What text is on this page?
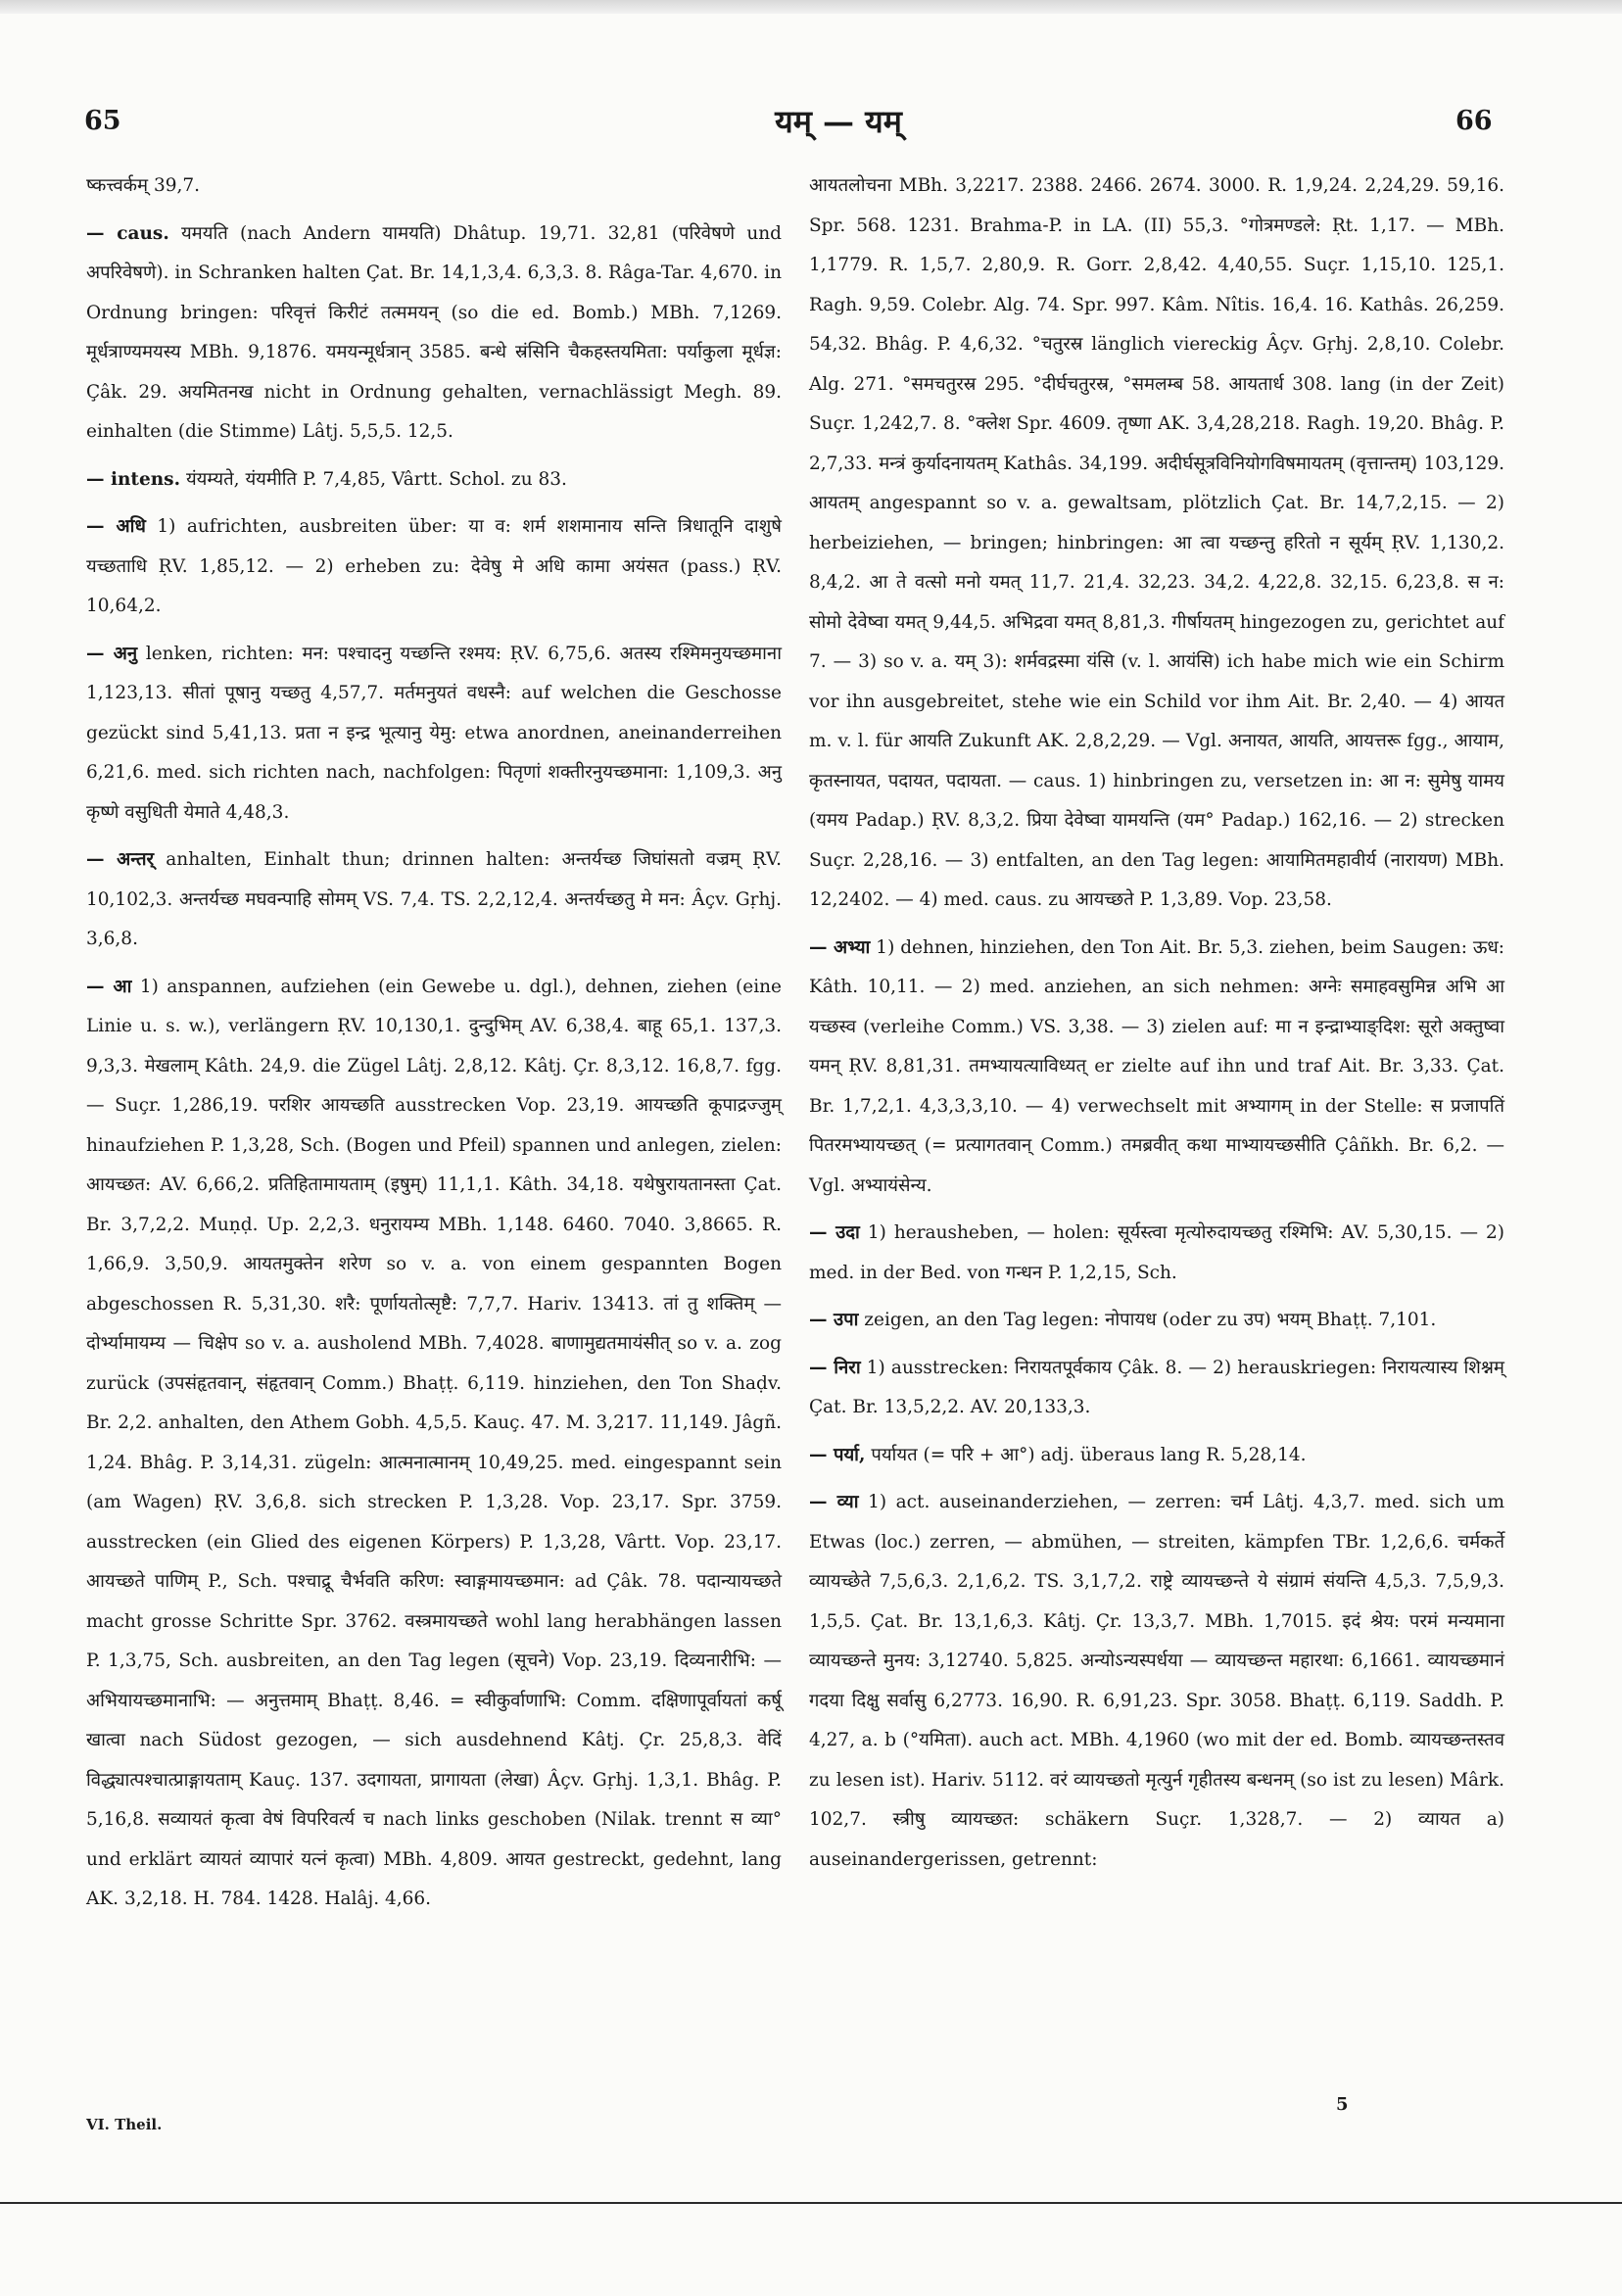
65	यम् — यम्	66

ष्कत्त्वर्कम् 39,7.

— caus. यमयति (nach Andern यामयति) Dhâtup. 19,71. 32,81 (परिवेषणे und अपरिवेषणे). in Schranken halten Çat. Br. 14,1,3,4. 6,3,3. 8. Râga-Tar. 4,670. in Ordnung bringen: परिवृत्तं किरीटं तत्ममयन् (so die ed. Bomb.) MBh. 7,1269. मूर्धत्राण्यमयस्य MBh. 9,1876. यमयन्मूर्धत्रान् 3585. बन्धे स्रंसिनि चैकहस्तयमिता: पर्याकुला मूर्धज्ञ: Çâk. 29. अयमितनख nicht in Ordnung gehalten, vernachlässigt Megh. 89. einhalten (die Stimme) Lâtj. 5,5,5. 12,5.

— intens. यंयम्यते, यंयमीति P. 7,4,85, Vârtt. Schol. zu 83.

— अधि 1) aufrichten, ausbreiten über: या व: शर्म शशमानाय सन्ति त्रिधातूनि दाशुषे यच्छताधि ṚV. 1,85,12. — 2) erheben zu: देवेषु मे अधि कामा अयंसत (pass.) ṚV. 10,64,2.

— अनु lenken, richten: मन: पश्चादनु यच्छन्ति रश्मय: ṚV. 6,75,6. अतस्य रश्मिमनुयच्छमाना 1,123,13. सीतां पूषानु यच्छतु 4,57,7. मर्तमनुयतं वधस्नै: auf welchen die Geschosse gezückt sind 5,41,13. प्रता न इन्द्र भूत्यानु येमु: etwa anordnen, aneinanderreihen 6,21,6. med. sich richten nach, nachfolgen: पितृणां शक्तीरनुयच्छमाना: 1,109,3. अनु कृष्णे वसुधिती येमाते 4,48,3.

— अन्तर् anhalten, Einhalt thun; drinnen halten: अन्तर्यच्छ जिघांसतो वज्रम् ṚV. 10,102,3. अन्तर्यच्छ मघवन्पाहि सोमम् VS. 7,4. TS. 2,2,12,4. अन्तर्यच्छतु मे मन: Âçv. Gṛhj. 3,6,8.

— आ 1) anspannen, aufziehen (ein Gewebe u. dgl.), dehnen, ziehen (eine Linie u. s. w.), verlängern ṚV. 10,130,1. दुन्दुभिम् AV. 6,38,4. बाहू 65,1. 137,3. 9,3,3. मेखलाम् Kâth. 24,9. die Zügel Lâtj. 2,8,12. Kâtj. Çr. 8,3,12. 16,8,7. fgg. — Suçr. 1,286,19. परशिर आयच्छति ausstrecken Vop. 23,19. आयच्छति कूपाद्रज्जुम् hinaufziehen P. 1,3,28, Sch. (Bogen und Pfeil) spannen und anlegen, zielen: आयच्छत: AV. 6,66,2. प्रतिहितामायताम् (इषुम्) 11,1,1. Kâth. 34,18. यथेषुरायतानस्ता Çat. Br. 3,7,2,2. Muṇḍ. Up. 2,2,3. धनुरायम्य MBh. 1,148. 6460. 7040. 3,8665. R. 1,66,9. 3,50,9. आयतमुक्तेन शरेण so v. a. von einem gespannten Bogen abgeschossen R. 5,31,30. शरै: पूर्णायतोत्सृष्टै: 7,7,7. Hariv. 13413. तां तु शक्तिम् — दोर्भ्यामायम्य — चिक्षेप so v. a. ausholend MBh. 7,4028. बाणामुद्यतमायंसीत् so v. a. zog zurück (उपसंहृतवान्, संहृतवान् Comm.) Bhaṭṭ. 6,119. hinziehen, den Ton Shaḍv. Br. 2,2. anhalten, den Athem Gobh. 4,5,5. Kauç. 47. M. 3,217. 11,149. Jâgñ. 1,24. Bhâg. P. 3,14,31. zügeln: आत्मनात्मानम् 10,49,25. med. eingespannt sein (am Wagen) ṚV. 3,6,8. sich strecken P. 1,3,28. Vop. 23,17. Spr. 3759. ausstrecken (ein Glied des eigenen Körpers) P. 1,3,28, Vârtt. Vop. 23,17. आयच्छते पाणिम् P., Sch. पश्चाद्रू चैर्भवति करिण: स्वाङ्गमायच्छमान: ad Çâk. 78. पदान्यायच्छते macht grosse Schritte Spr. 3762. वस्त्रमायच्छते wohl lang herabhängen lassen P. 1,3,75, Sch. ausbreiten, an den Tag legen (सूचने) Vop. 23,19. दिव्यनारीभि: — अभियायच्छमानाभि: — अनुत्तमाम् Bhaṭṭ. 8,46. = स्वीकुर्वाणाभि: Comm. दक्षिणापूर्वायतां कर्षू खात्वा nach Südost gezogen, — sich ausdehnend Kâtj. Çr. 25,8,3. वेदिं विद्ध्यात्पश्चात्प्राङ्गायताम् Kauç. 137. उदगायता, प्रागायता (लेखा) Âçv. Gṛhj. 1,3,1. Bhâg. P. 5,16,8. सव्यायतं कृत्वा वेषं विपरिवर्त्य च nach links geschoben (Nilak. trennt स व्या° und erklärt व्यायतं व्यापारं यत्नं कृत्वा) MBh. 4,809. आयत gestreckt, gedehnt, lang AK. 3,2,18. H. 784. 1428. Halâj. 4,66.

आयतलोचना MBh. 3,2217. 2388. 2466. 2674. 3000. R. 1,9,24. 2,24,29. 59,16. Spr. 568. 1231. Brahma-P. in LA. (II) 55,3. °गोत्रमण्डले: Ṛt. 1,17. — MBh. 1,1779. R. 1,5,7. 2,80,9. R. Gorr. 2,8,42. 4,40,55. Suçr. 1,15,10. 125,1. Ragh. 9,59. Colebr. Alg. 74. Spr. 997. Kâm. Nîtis. 16,4. 16. Kathâs. 26,259. 54,32. Bhâg. P. 4,6,32. °चतुरस्र länglich viereckig Âçv. Gṛhj. 2,8,10. Colebr. Alg. 271. °समचतुरस्र 295. °दीर्घचतुरस्र, °समलम्ब 58. आयतार्ध 308. lang (in der Zeit) Suçr. 1,242,7. 8. °क्लेश Spr. 4609. तृष्णा AK. 3,4,28,218. Ragh. 19,20. Bhâg. P. 2,7,33. मन्त्रं कुर्यादनायतम् Kathâs. 34,199. अदीर्घसूत्रविनियोगविषमायतम् (वृत्तान्तम्) 103,129. आयतम् angespannt so v. a. gewaltsam, plötzlich Çat. Br. 14,7,2,15. — 2) herbeiziehen, — bringen; hinbringen: आ त्वा यच्छन्तु हरितो न सूर्यम् ṚV. 1,130,2. 8,4,2. आ ते वत्सो मनो यमत् 11,7. 21,4. 32,23. 34,2. 4,22,8. 32,15. 6,23,8. स न: सोमो देवेष्वा यमत् 9,44,5. अभिद्रवा यमत् 8,81,3. गीर्षायतम् hingezogen zu, gerichtet auf 7. — 3) so v. a. यम् 3): शर्मवद्रस्मा यंसि (v. l. आयंसि) ich habe mich wie ein Schirm vor ihn ausgebreitet, stehe wie ein Schild vor ihm Ait. Br. 2,40. — 4) आयत m. v. l. für आयति Zukunft AK. 2,8,2,29. — Vgl. अनायत, आयति, आयत्तरू fgg., आयाम, कृतस्नायत, पदायत, पदायता. — caus. 1) hinbringen zu, versetzen in: आ न: सुमेषु यामय (यमय Padap.) ṚV. 8,3,2. प्रिया देवेष्वा यामयन्ति (यम° Padap.) 162,16. — 2) strecken Suçr. 2,28,16. — 3) entfalten, an den Tag legen: आयामितमहावीर्य (नारायण) MBh. 12,2402. — 4) med. caus. zu आयच्छते P. 1,3,89. Vop. 23,58.

— अभ्या 1) dehnen, hinziehen, den Ton Ait. Br. 5,3. ziehen, beim Saugen: ऊध: Kâth. 10,11. — 2) med. anziehen, an sich nehmen: अग्नेः समाहवसुमिन्न अभि आ यच्छस्व (verleihe Comm.) VS. 3,38. — 3) zielen auf: मा न इन्द्राभ्याङ्दिश: सूरो अक्तुष्वा यमन् ṚV. 8,81,31. तमभ्यायत्याविध्यत् er zielte auf ihn und traf Ait. Br. 3,33. Çat. Br. 1,7,2,1. 4,3,3,3,10. — 4) verwechselt mit अभ्यागम् in der Stelle: स प्रजापतिं पितरमभ्यायच्छत् (= प्रत्यागतवान् Comm.) तमब्रवीत् कथा माभ्यायच्छसीति Çâñkh. Br. 6,2. — Vgl. अभ्यायंसेन्य.

— उदा 1) herausheben, — holen: सूर्यस्त्वा मृत्योरुदायच्छतु रश्मिभि: AV. 5,30,15. — 2) med. in der Bed. von गन्धन P. 1,2,15, Sch.

— उपा zeigen, an den Tag legen: नोपायध (oder zu उप) भयम् Bhaṭṭ. 7,101.

— निरा 1) ausstrecken: निरायतपूर्वकाय Çâk. 8. — 2) herauskriegen: निरायत्यास्य शिश्नम् Çat. Br. 13,5,2,2. AV. 20,133,3.

— पर्या, पर्यायत (= परि + आ°) adj. überaus lang R. 5,28,14.

— व्या 1) act. auseinanderziehen, — zerren: चर्म Lâtj. 4,3,7. med. sich um Etwas (loc.) zerren, — abmühen, — streiten, kämpfen TBr. 1,2,6,6. चर्मकर्ते व्यायच्छेते 7,5,6,3. 2,1,6,2. TS. 3,1,7,2. राष्ट्रे व्यायच्छन्ते ये संग्रामं संयन्ति 4,5,3. 7,5,9,3. 1,5,5. Çat. Br. 13,1,6,3. Kâtj. Çr. 13,3,7. MBh. 1,7015. इदं श्रेय: परमं मन्यमाना व्यायच्छन्ते मुनय: 3,12740. 5,825. अन्योऽन्यस्पर्धया — व्यायच्छन्त महारथा: 6,1661. व्यायच्छमानं गदया दिक्षु सर्वासु 6,2773. 16,90. R. 6,91,23. Spr. 3058. Bhaṭṭ. 6,119. Saddh. P. 4,27, a. b (°यमिता). auch act. MBh. 4,1960 (wo mit der ed. Bomb. व्यायच्छन्तस्तव zu lesen ist). Hariv. 5112. वरं व्यायच्छतो मृत्युर्न गृहीतस्य बन्धनम् (so ist zu lesen) Mârk. 102,7. स्त्रीषु व्यायच्छत: schäkern Suçr. 1,328,7. — 2) व्यायत a) auseinandergerissen, getrennt:

VI. Theil.
5
